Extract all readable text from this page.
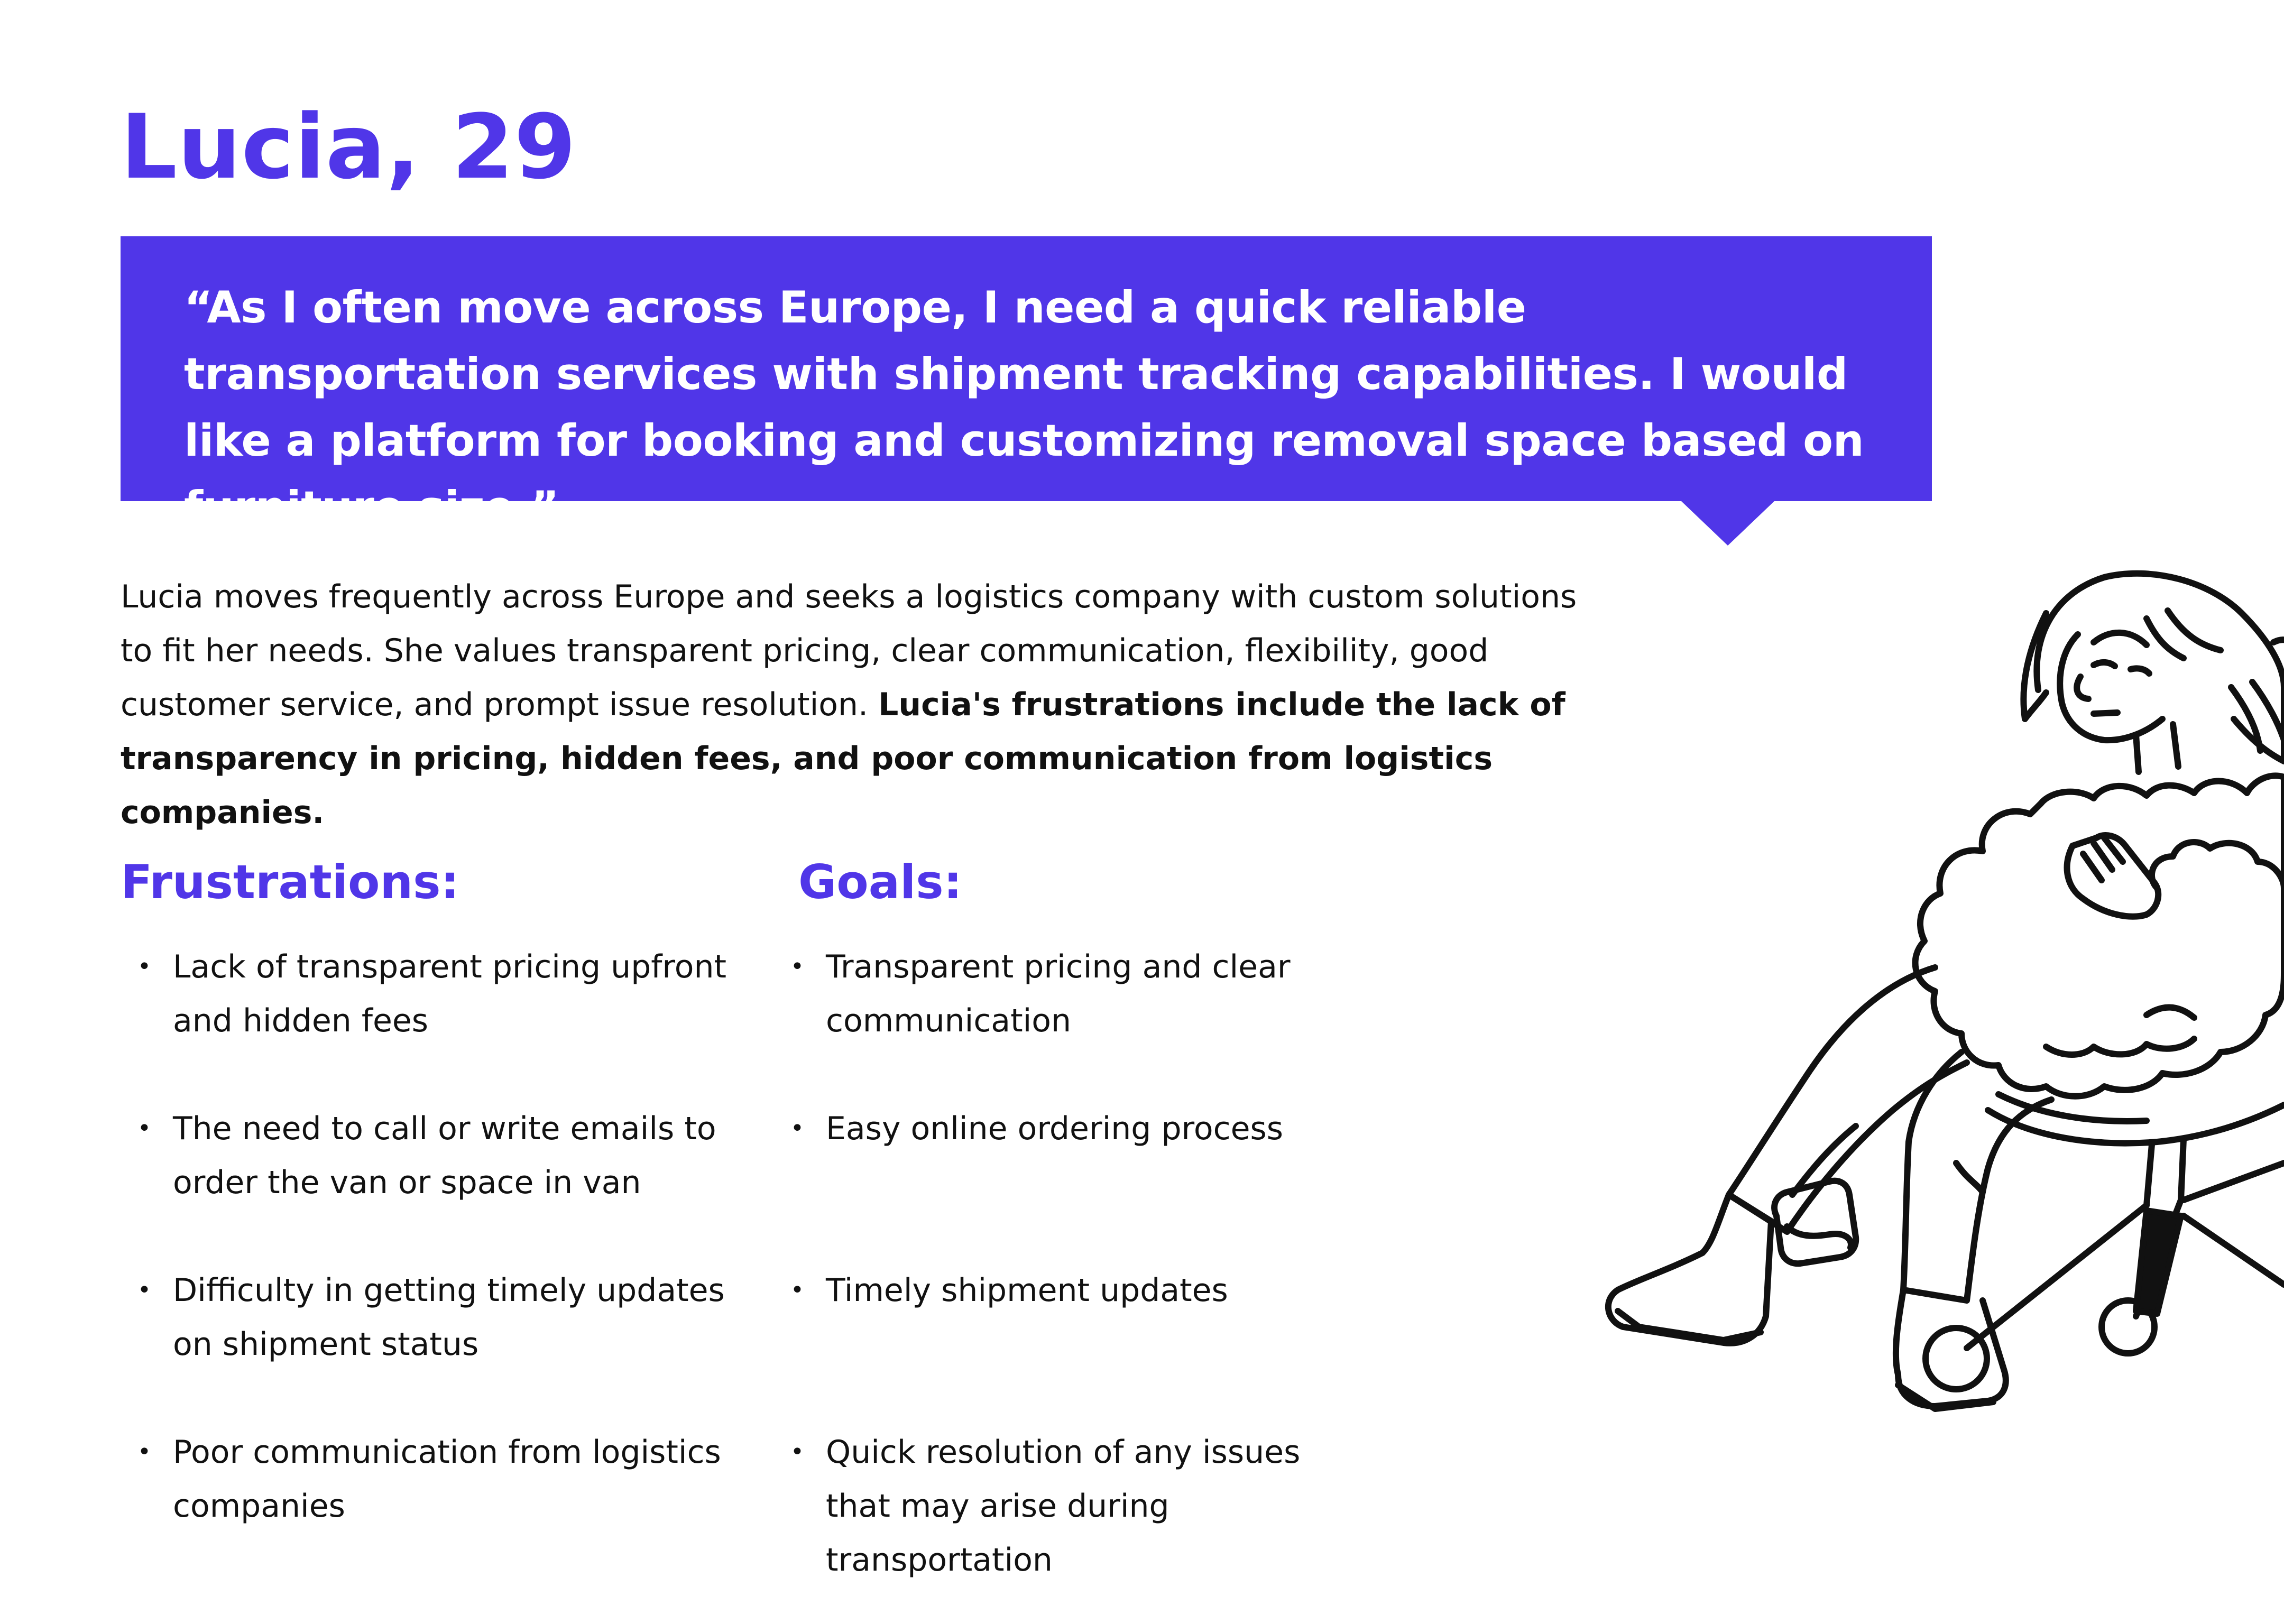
Lucia, 29

“As I often move across Europe, I need a quick reliable transportation services with shipment tracking capabilities. I would like a platform for booking and customizing removal space based on furniture size.”

Lucia moves frequently across Europe and seeks a logistics company with custom solutions to fit her needs. She values transparent pricing, clear communication, flexibility, good customer service, and prompt issue resolution. Lucia's frustrations include the lack of transparency in pricing, hidden fees, and poor communication from logistics companies.

Frustrations:	Goals:
• Lack of transparent pricing upfront and hidden fees
• The need to call or write emails to order the van or space in van
• Difficulty in getting timely updates on shipment status
• Poor communication from logistics companies
• Transparent pricing and clear communication
• Easy online ordering process
• Timely shipment updates
• Quick resolution of any issues that may arise during transportation
